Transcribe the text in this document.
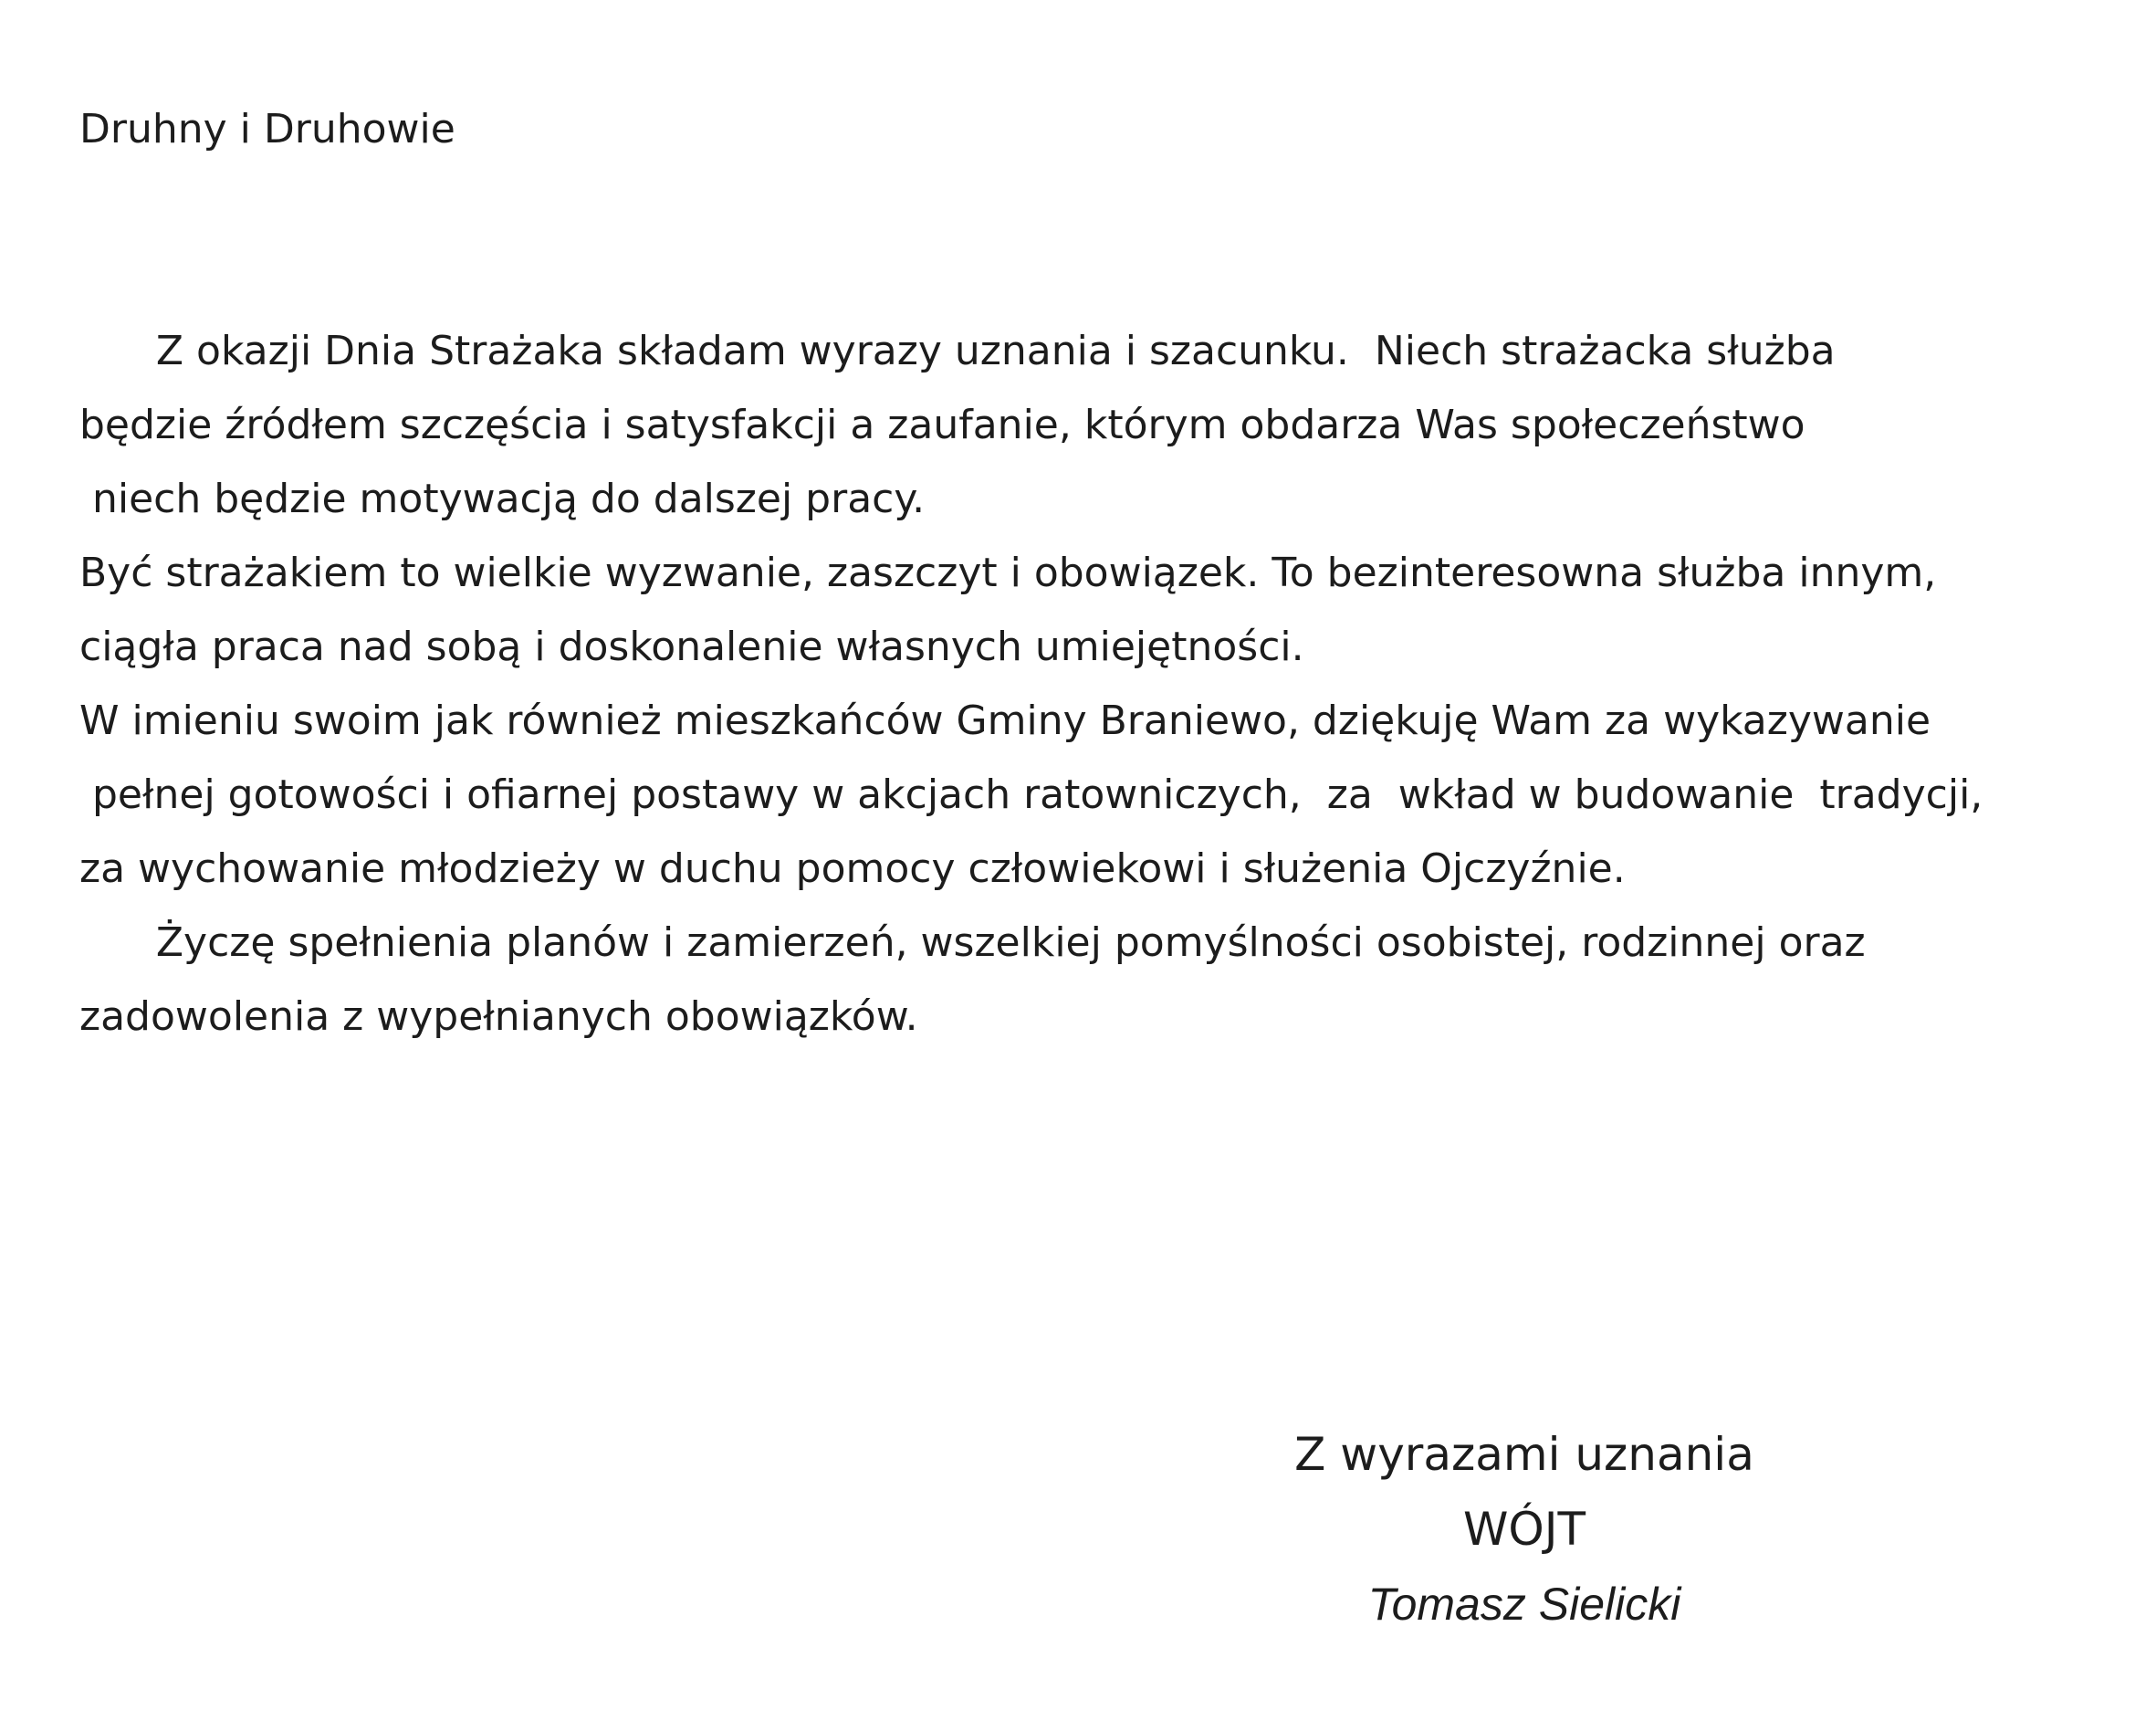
Druhny i Druhowie
Z okazji Dnia Strażaka składam wyrazy uznania i szacunku.  Niech strażacka służba
będzie źródłem szczęścia i satysfakcji a zaufanie, którym obdarza Was społeczeństwo
niech będzie motywacją do dalszej pracy.
Być strażakiem to wielkie wyzwanie, zaszczyt i obowiązek. To bezinteresowna służba innym,
ciągła praca nad sobą i doskonalenie własnych umiejętności.
W imieniu swoim jak również mieszkańców Gminy Braniewo, dziękuję Wam za wykazywanie
pełnej gotowości i ofiarnej postawy w akcjach ratowniczych,  za  wkład w budowanie  tradycji,
za wychowanie młodzieży w duchu pomocy człowiekowi i służenia Ojczyźnie.
Życzę spełnienia planów i zamierzeń, wszelkiej pomyślności osobistej, rodzinnej oraz
zadowolenia z wypełnianych obowiązków.
Z wyrazami uznania
WÓJT
Tomasz Sielicki
